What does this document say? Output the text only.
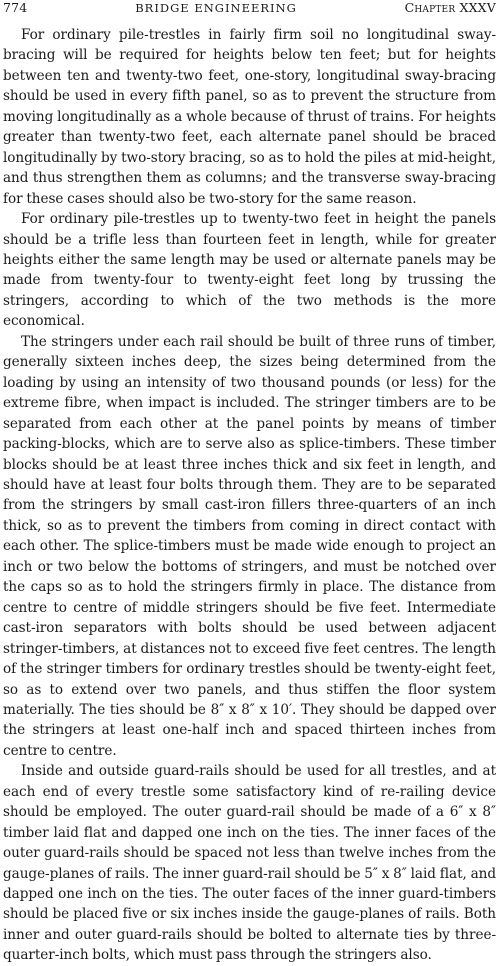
774	BRIDGE ENGINEERING	Chapter XXXV

For ordinary pile-trestles in fairly firm soil no longitudinal sway-bracing will be required for heights below ten feet; but for heights between ten and twenty-two feet, one-story, longitudinal sway-bracing should be used in every fifth panel, so as to prevent the structure from moving longitudinally as a whole because of thrust of trains. For heights greater than twenty-two feet, each alternate panel should be braced longitudinally by two-story bracing, so as to hold the piles at mid-height, and thus strengthen them as columns; and the transverse sway-bracing for these cases should also be two-story for the same reason.

For ordinary pile-trestles up to twenty-two feet in height the panels should be a trifle less than fourteen feet in length, while for greater heights either the same length may be used or alternate panels may be made from twenty-four to twenty-eight feet long by trussing the stringers, according to which of the two methods is the more economical.

The stringers under each rail should be built of three runs of timber, generally sixteen inches deep, the sizes being determined from the loading by using an intensity of two thousand pounds (or less) for the extreme fibre, when impact is included. The stringer timbers are to be separated from each other at the panel points by means of timber packing-blocks, which are to serve also as splice-timbers. These timber blocks should be at least three inches thick and six feet in length, and should have at least four bolts through them. They are to be separated from the stringers by small cast-iron fillers three-quarters of an inch thick, so as to prevent the timbers from coming in direct contact with each other. The splice-timbers must be made wide enough to project an inch or two below the bottoms of stringers, and must be notched over the caps so as to hold the stringers firmly in place. The distance from centre to centre of middle stringers should be five feet. Intermediate cast-iron separators with bolts should be used between adjacent stringer-timbers, at distances not to exceed five feet centres. The length of the stringer timbers for ordinary trestles should be twenty-eight feet, so as to extend over two panels, and thus stiffen the floor system materially. The ties should be 8″ x 8″ x 10′. They should be dapped over the stringers at least one-half inch and spaced thirteen inches from centre to centre.

Inside and outside guard-rails should be used for all trestles, and at each end of every trestle some satisfactory kind of re-railing device should be employed. The outer guard-rail should be made of a 6″ x 8″ timber laid flat and dapped one inch on the ties. The inner faces of the outer guard-rails should be spaced not less than twelve inches from the gauge-planes of rails. The inner guard-rail should be 5″ x 8″ laid flat, and dapped one inch on the ties. The outer faces of the inner guard-timbers should be placed five or six inches inside the gauge-planes of rails. Both inner and outer guard-rails should be bolted to alternate ties by three-quarter-inch bolts, which must pass through the stringers also.
